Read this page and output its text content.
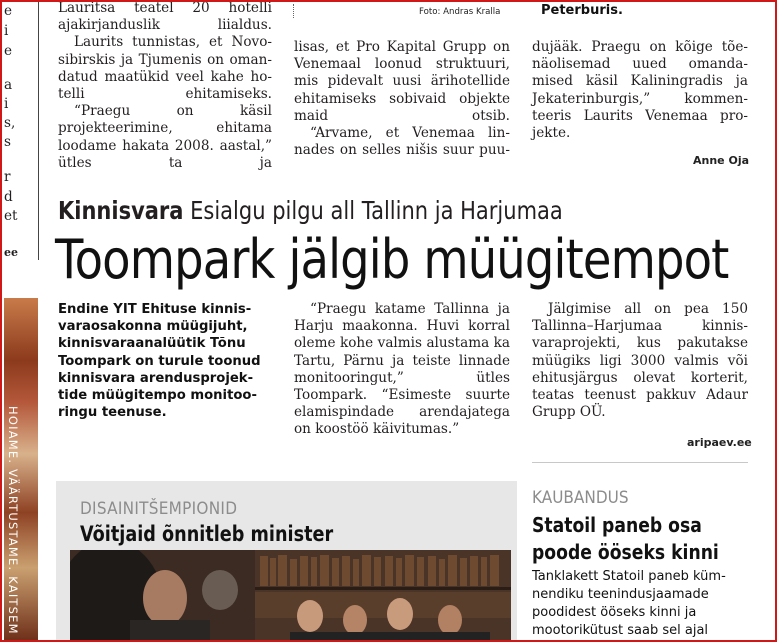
e
i
e
a
i
s,
s
r
d
et
ee
HOIAME. VÄÄRTUSTAME. KAITSEM
Foto: Andras Kralla	Peterburis.

Lauritsa teatel 20 hotelli ajakirjanduslik liialdus.

Laurits tunnistas, et Novosibirskis ja Tjumenis on omandatud maatükid veel kahe hotelli ehitamiseks.

“Praegu on käsil projekteerimine, ehitama loodame hakata 2008. aastal,” ütles ta ja

lisas, et Pro Kapital Grupp on Venemaal loonud struktuuri, mis pidevalt uusi ärihotellide ehitamiseks sobivaid objekte maid otsib.

“Arvame, et Venemaa linnades on selles nišis suur puu-

dujääk. Praegu on kõige tõenäolisemad uued omandamised käsil Kaliningradis ja Jekaterinburgis,” kommenteeris Laurits Venemaa projekte.

Anne Oja
Kinnisvara Esialgu pilgu all Tallinn ja Harjumaa
Toompark jälgib müügitempot
Endine YIT Ehituse kinnisvaraosakonna müügijuht, kinnisvaraanalüütik Tõnu Toompark on turule toonud kinnisvara arendusprojektide müügitempo monitooringu teenuse.

“Praegu katame Tallinna ja Harju maakonna. Huvi korral oleme kohe valmis alustama ka Tartu, Pärnu ja teiste linnade monitooringut,” ütles Toompark. “Esimeste suurte elamispindade arendajatega on koostöö käivitumas.”

Jälgimise all on pea 150 Tallinna–Harjumaa kinnisvaraprojekti, kus pakutakse müügiks ligi 3000 valmis või ehitusjärgus olevat korterit, teatas teenust pakkuv Adaur Grupp OÜ.

aripaev.ee
DISAINITŠEMPIONID
Võitjaid õnnitleb minister
KAUBANDUS
Statoil paneb osa
poode ööseks kinni
Tanklakett Statoil paneb kümnendiku teenindusjaamade poodidest ööseks kinni ja mootorikütust saab sel ajal
